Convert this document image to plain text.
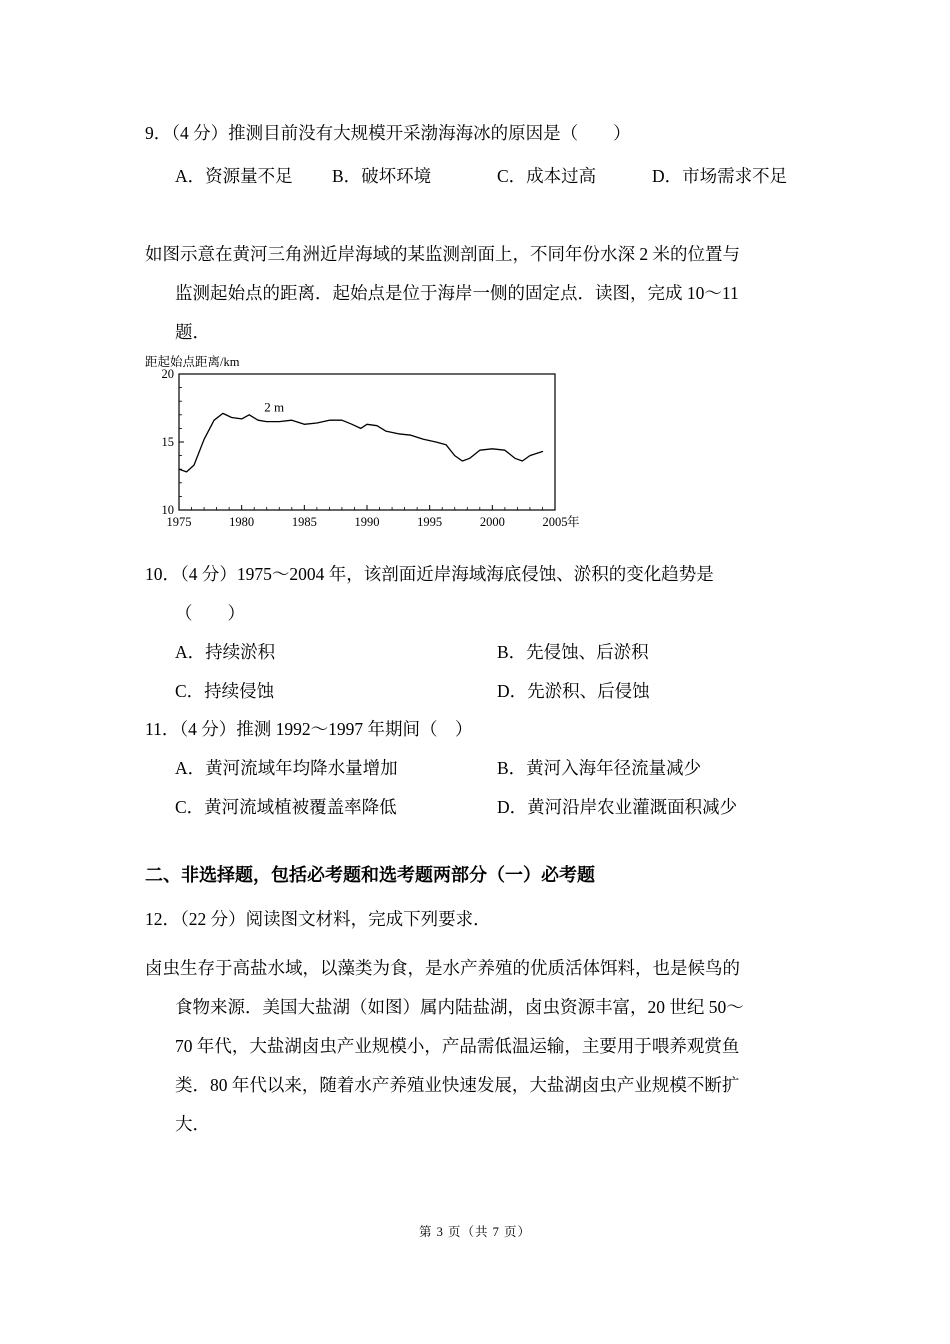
9．（4 分）推测目前没有大规模开采渤海海冰的原因是（　　）
A．资源量不足	B．破坏环境	C．成本过高	D．市场需求不足
如图示意在黄河三角洲近岸海域的某监测剖面上，不同年份水深 2 米的位置与
监测起始点的距离．起始点是位于海岸一侧的固定点．读图，完成 10～11
题．
20
15
10
1975	1980	1985	1990	1995	2000	2005 年
距起始点距离/km
2 m
10．（4 分）1975～2004 年，该剖面近岸海域海底侵蚀、淤积的变化趋势是
（　　）
A．持续淤积	B．先侵蚀、后淤积
C．持续侵蚀	D．先淤积、后侵蚀
11．（4 分）推测 1992～1997 年期间（　）
A．黄河流域年均降水量增加	B．黄河入海年径流量减少
C．黄河流域植被覆盖率降低	D．黄河沿岸农业灌溉面积减少
二、非选择题，包括必考题和选考题两部分（一）必考题
12．（22 分）阅读图文材料，完成下列要求．
卤虫生存于高盐水域，以藻类为食，是水产养殖的优质活体饵料，也是候鸟的
食物来源．美国大盐湖（如图）属内陆盐湖，卤虫资源丰富，20 世纪 50～
70 年代，大盐湖卤虫产业规模小，产品需低温运输，主要用于喂养观赏鱼
类．80 年代以来，随着水产养殖业快速发展，大盐湖卤虫产业规模不断扩
大．
第 3 页（共 7 页）
